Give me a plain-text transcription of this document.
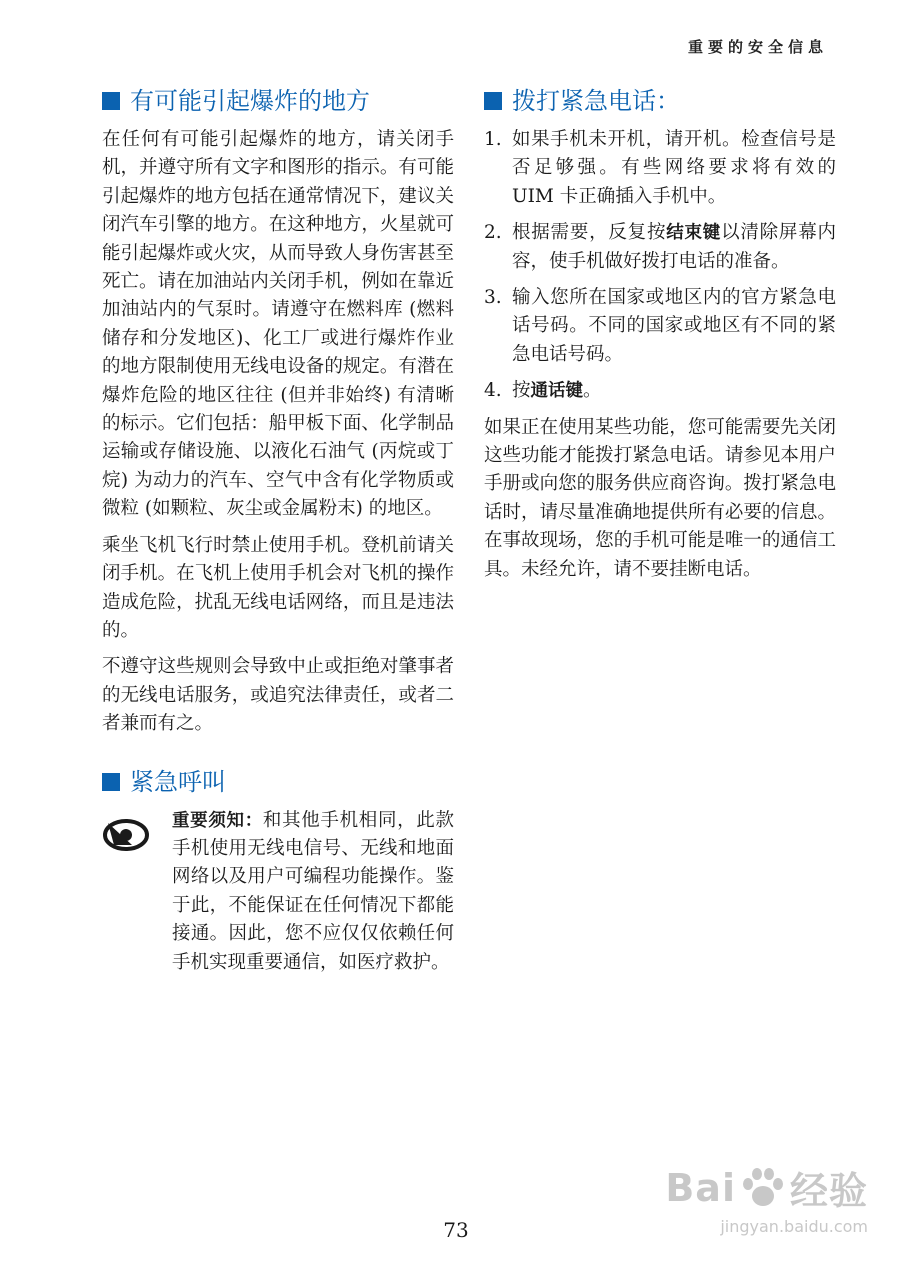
重要的安全信息
有可能引起爆炸的地方

在任何有可能引起爆炸的地方，请关闭手机，并遵守所有文字和图形的指示。有可能引起爆炸的地方包括在通常情况下，建议关闭汽车引擎的地方。在这种地方，火星就可能引起爆炸或火灾，从而导致人身伤害甚至死亡。请在加油站内关闭手机，例如在靠近加油站内的气泵时。请遵守在燃料库 (燃料储存和分发地区)、化工厂或进行爆炸作业的地方限制使用无线电设备的规定。有潜在爆炸危险的地区往往 (但并非始终) 有清晰的标示。它们包括：船甲板下面、化学制品运输或存储设施、以液化石油气 (丙烷或丁烷) 为动力的汽车、空气中含有化学物质或微粒 (如颗粒、灰尘或金属粉末) 的地区。

乘坐飞机飞行时禁止使用手机。登机前请关闭手机。在飞机上使用手机会对飞机的操作造成危险，扰乱无线电话网络，而且是违法的。

不遵守这些规则会导致中止或拒绝对肇事者的无线电话服务，或追究法律责任，或者二者兼而有之。

紧急呼叫
重要须知：和其他手机相同，此款手机使用无线电信号、无线和地面网络以及用户可编程功能操作。鉴于此，不能保证在任何情况下都能接通。因此，您不应仅仅依赖任何手机实现重要通信，如医疗救护。
拨打紧急电话：
1. 如果手机未开机，请开机。检查信号是否足够强。有些网络要求将有效的 UIM 卡正确插入手机中。
2. 根据需要，反复按结束键以清除屏幕内容，使手机做好拨打电话的准备。
3. 输入您所在国家或地区内的官方紧急电话号码。不同的国家或地区有不同的紧急电话号码。
4. 按通话键。

如果正在使用某些功能，您可能需要先关闭这些功能才能拨打紧急电话。请参见本用户手册或向您的服务供应商咨询。拨打紧急电话时，请尽量准确地提供所有必要的信息。在事故现场，您的手机可能是唯一的通信工具。未经允许，请不要挂断电话。

73
Bai 经验
jingyan.baidu.com
